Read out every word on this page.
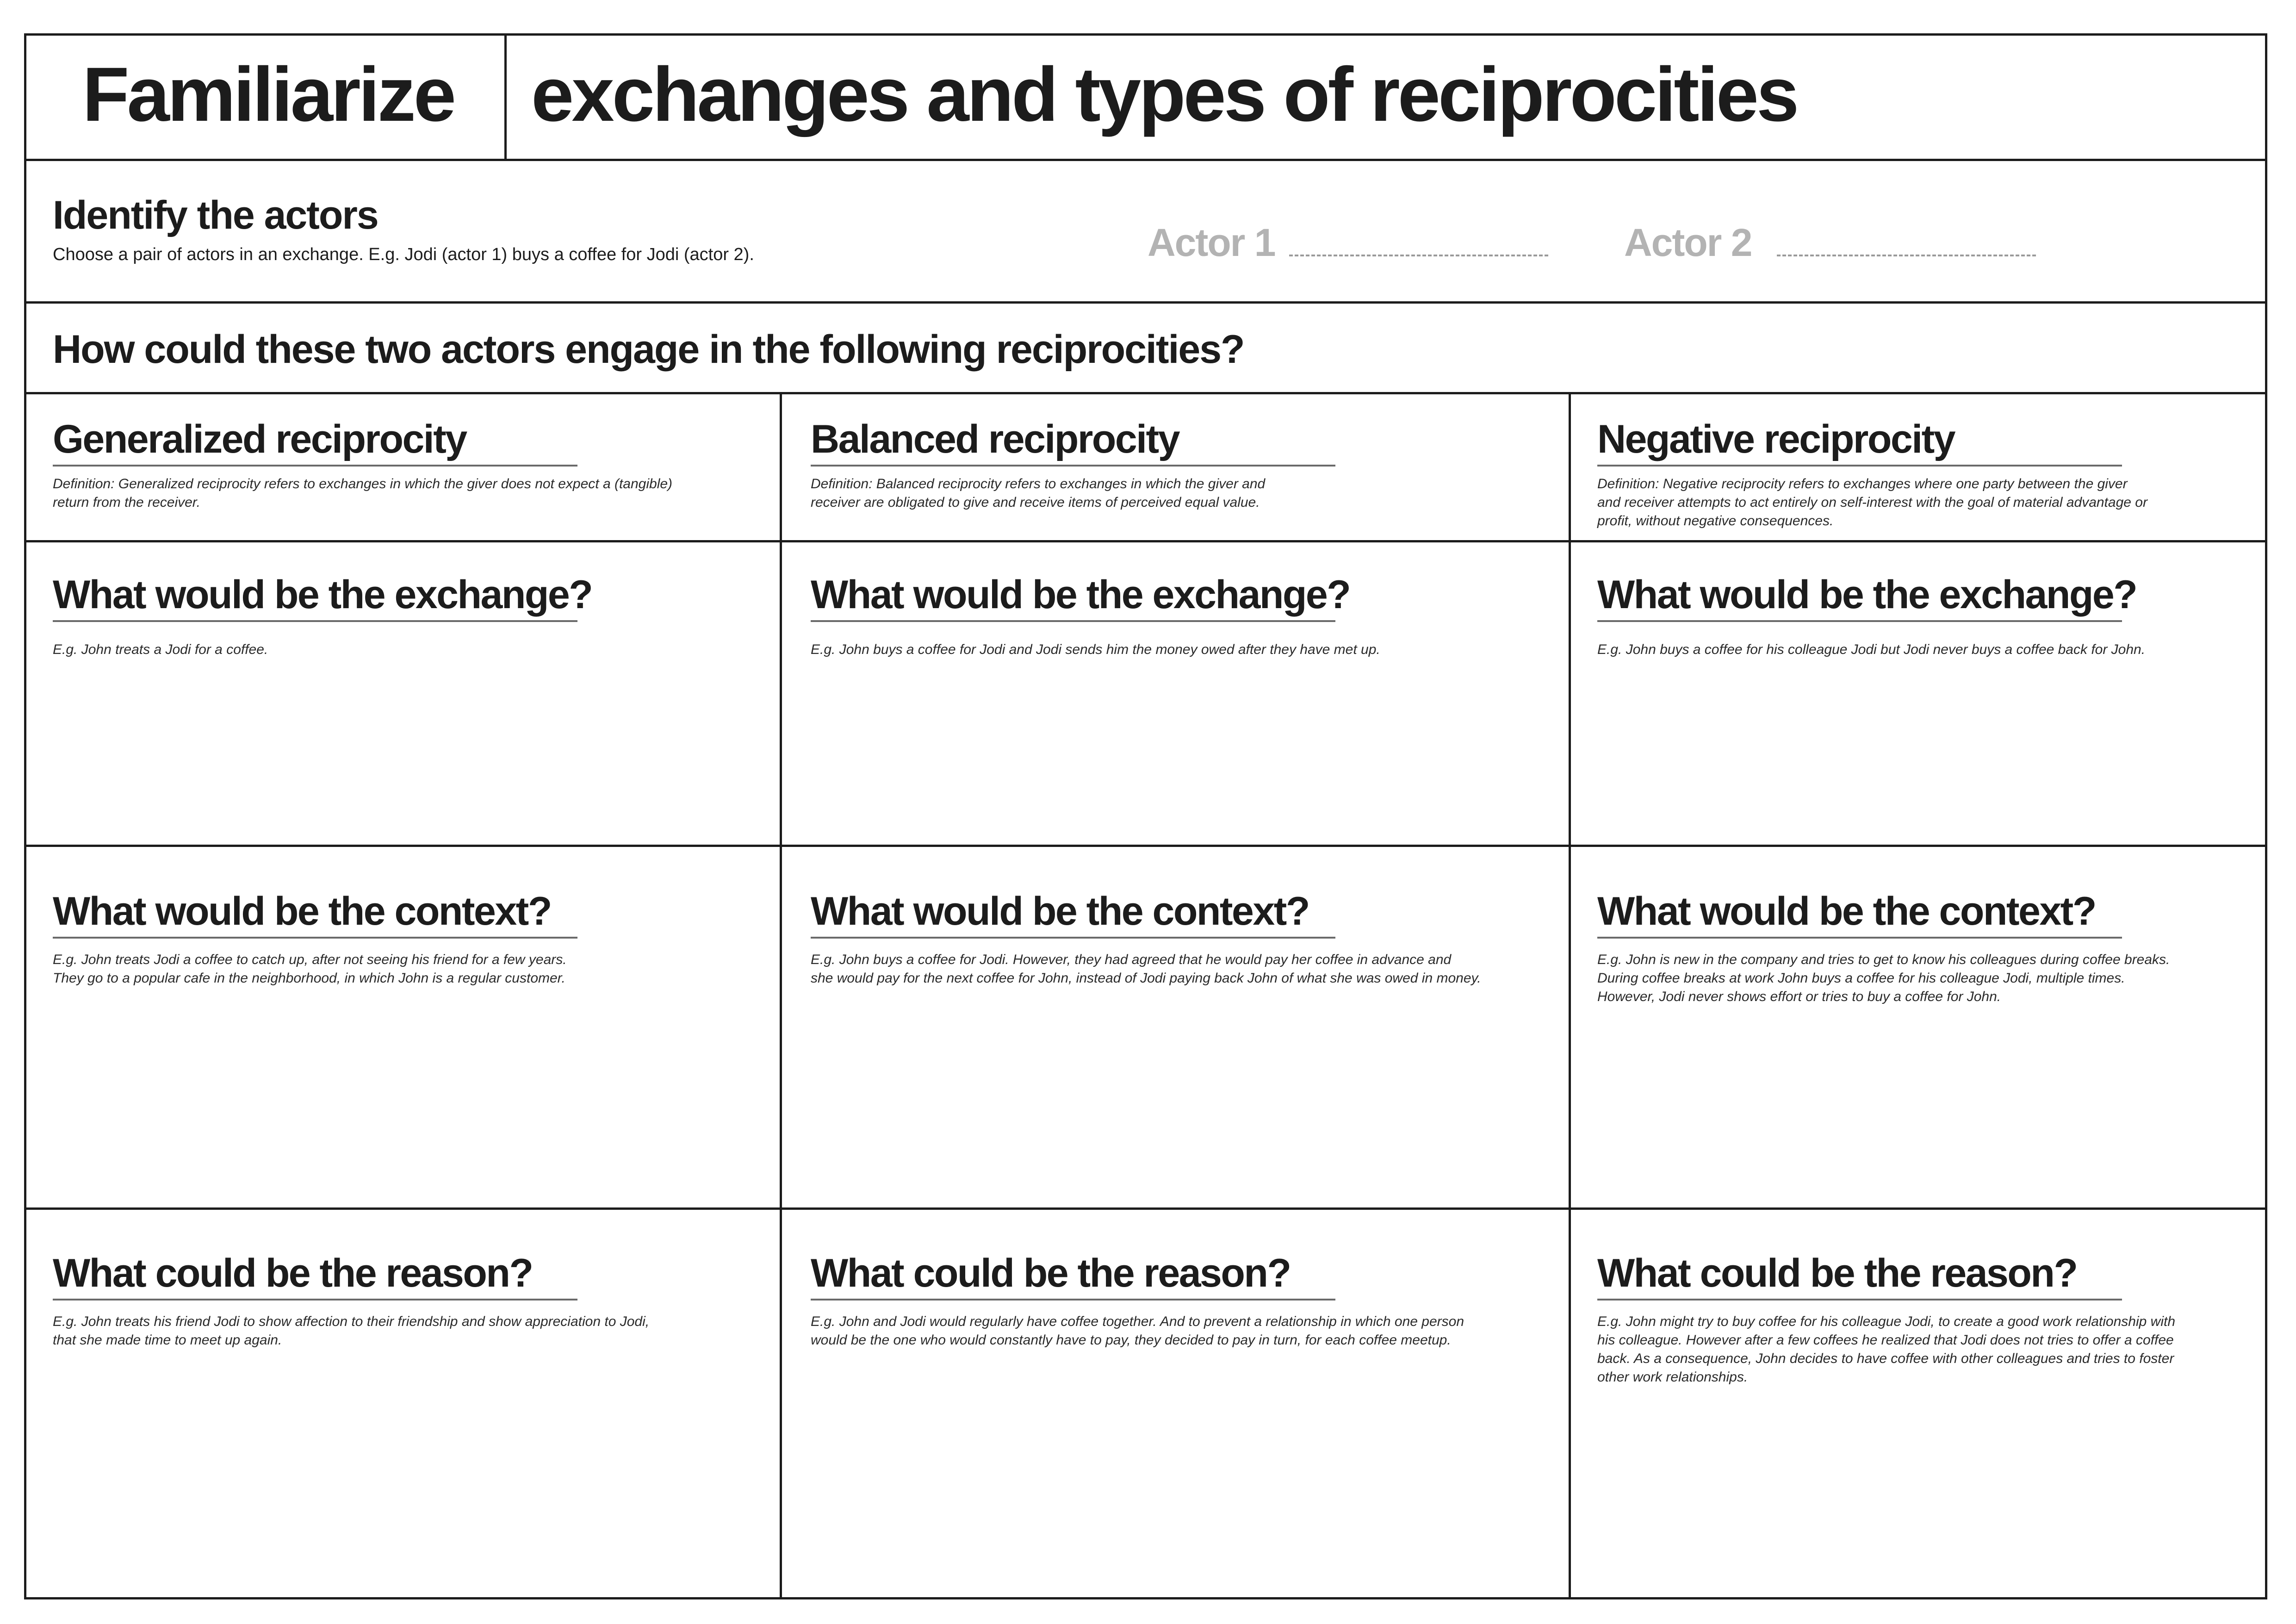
Familiarize exchanges and types of reciprocities
Identify the actors
Choose a pair of actors in an exchange. E.g. Jodi (actor 1) buys a coffee for Jodi (actor 2).	Actor 1	Actor 2
How could these two actors engage in the following reciprocities?
Generalized reciprocity
Definition: Generalized reciprocity refers to exchanges in which the giver does not expect a (tangible)
return from the receiver.
What would be the exchange?
E.g. John treats a Jodi for a coffee.
What would be the context?
E.g. John treats Jodi a coffee to catch up, after not seeing his friend for a few years.
They go to a popular cafe in the neighborhood, in which John is a regular customer.
What could be the reason?
E.g. John treats his friend Jodi to show affection to their friendship and show appreciation to Jodi,
that she made time to meet up again.
Balanced reciprocity
Definition: Balanced reciprocity refers to exchanges in which the giver and
receiver are obligated to give and receive items of perceived equal value.
What would be the exchange?
E.g. John buys a coffee for Jodi and Jodi sends him the money owed after they have met up.
What would be the context?
E.g. John buys a coffee for Jodi. However, they had agreed that he would pay her coffee in advance and
she would pay for the next coffee for John, instead of Jodi paying back John of what she was owed in money.
What could be the reason?
E.g. John and Jodi would regularly have coffee together. And to prevent a relationship in which one person
would be the one who would constantly have to pay, they decided to pay in turn, for each coffee meetup.
Negative reciprocity
Definition: Negative reciprocity refers to exchanges where one party between the giver
and receiver attempts to act entirely on self-interest with the goal of material advantage or
profit, without negative consequences.
What would be the exchange?
E.g. John buys a coffee for his colleague Jodi but Jodi never buys a coffee back for John.
What would be the context?
E.g. John is new in the company and tries to get to know his colleagues during coffee breaks.
During coffee breaks at work John buys a coffee for his colleague Jodi, multiple times.
However, Jodi never shows effort or tries to buy a coffee for John.
What could be the reason?
E.g. John might try to buy coffee for his colleague Jodi, to create a good work relationship with
his colleague. However after a few coffees he realized that Jodi does not tries to offer a coffee
back. As a consequence, John decides to have coffee with other colleagues and tries to foster
other work relationships.
